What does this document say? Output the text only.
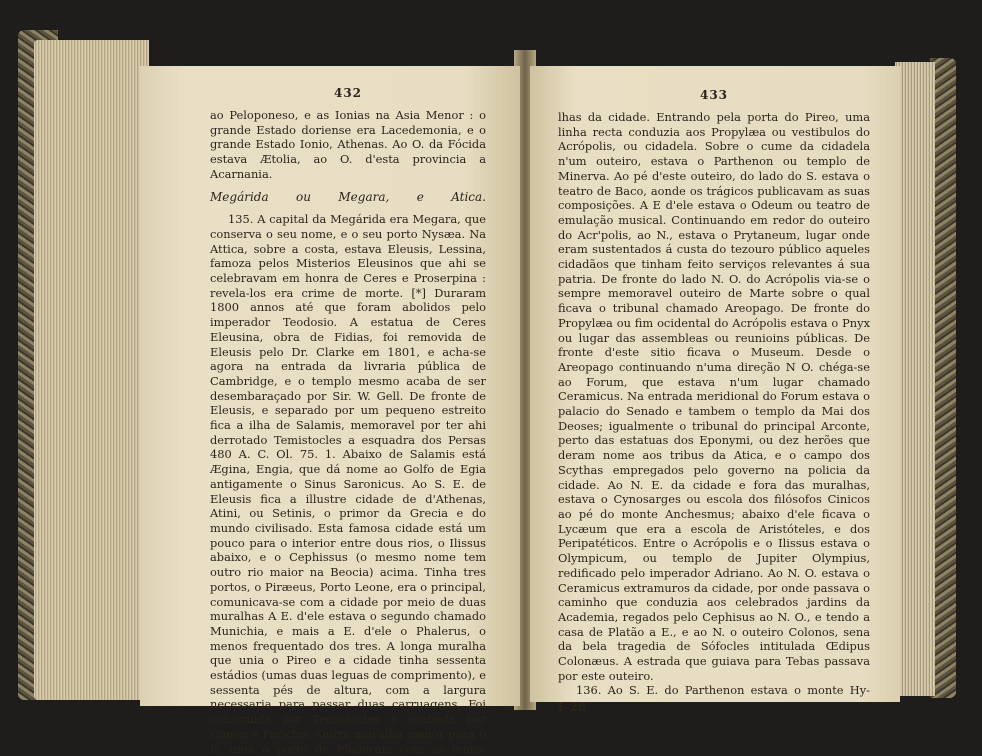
432

ao Peloponeso, e as Ionias na Asia Menor : o grande Estado doriense era Lacedemonia, e o grande Estado Ionio, Athenas. Ao O. da Fócida estava Ætolia, ao O. d'esta provincia a Acarnania.

Megárida ou Megara, e Atica.

135. A capital da Megárida era Megara, que conserva o seu nome, e o seu porto Nysæa. Na Attica, sobre a costa, estava Eleusis, Lessina, famoza pelos Misterios Eleusinos que ahi se celebravam em honra de Ceres e Proserpina : revela-los era crime de morte. [*] Duraram 1800 annos até que foram abolidos pelo imperador Teodosio. A estatua de Ceres Eleusina, obra de Fidias, foi removida de Eleusis pelo Dr. Clarke em 1801, e acha-se agora na entrada da livraria pública de Cambridge, e o templo mesmo acaba de ser desembaraçado por Sir. W. Gell. De fronte de Eleusis, e separado por um pequeno estreito fica a ilha de Salamis, memoravel por ter ahi derrotado Temistocles a esquadra dos Persas 480 A. C. Ol. 75. 1. Abaixo de Salamis está Ægina, Engia, que dá nome ao Golfo de Egia antigamente o Sinus Saronicus. Ao S. E. de Eleusis fica a illustre cidade de d'Athenas, Atini, ou Setinis, o primor da Grecia e do mundo civilisado. Esta famosa cidade está um pouco para o interior entre dous rios, o Ilissus abaixo, e o Cephissus (o mesmo nome tem outro rio maior na Beocia) acima. Tinha tres portos, o Piræeus, Porto Leone, era o principal, comunicava-se com a cidade por meio de duas muralhas A E. d'ele estava o segundo chamado Munichia, e mais a E. d'ele o Phalerus, o menos frequentado dos tres. A longa muralha que unia o Pireo e a cidade tinha sessenta estádios (umas duas leguas de comprimento), e sessenta pés de altura, com a largura necessaria para passar duas carruagens. Foi construida por Temistocles e acabada por Cimon e Pericles. Outra muralha menor para o E. unia o porto de Phalerum com as mura-

433

lhas da cidade. Entrando pela porta do Pireo, uma linha recta conduzia aos Propylæa ou vestibulos do Acrópolis, ou cidadela. Sobre o cume da cidadela n'um outeiro, estava o Parthenon ou templo de Minerva. Ao pé d'este outeiro, do lado do S. estava o teatro de Baco, aonde os trágicos publicavam as suas composições. A E d'ele estava o Odeum ou teatro de emulação musical. Continuando em redor do outeiro do Acr'polis, ao N., estava o Prytaneum, lugar onde eram sustentados á custa do tezouro público aqueles cidadãos que tinham feito serviços relevantes á sua patria. De fronte do lado N. O. do Acrópolis via-se o sempre memoravel outeiro de Marte sobre o qual ficava o tribunal chamado Areopago. De fronte do Propylæa ou fim ocidental do Acrópolis estava o Pnyx ou lugar das assembleas ou reunioins públicas. De fronte d'este sitio ficava o Museum. Desde o Areopago continuando n'uma direção N O. chéga-se ao Forum, que estava n'um lugar chamado Ceramicus. Na entrada meridional do Forum estava o palacio do Senado e tambem o templo da Mai dos Deoses; igualmente o tribunal do principal Arconte, perto das estatuas dos Eponymi, ou dez herões que deram nome aos tribus da Atica, e o campo dos Scythas empregados pelo governo na policia da cidade. Ao N. E. da cidade e fora das muralhas, estava o Cynosarges ou escola dos filósofos Cinicos ao pé do monte Anchesmus; abaixo d'ele ficava o Lycæum que era a escola de Aristóteles, e dos Peripatéticos. Entre o Acrópolis e o Ilissus estava o Olympicum, ou templo de Jupiter Olympius, redificado pelo imperador Adriano. Ao N. O. estava o Ceramicus extramuros da cidade, por onde passava o caminho que conduzia aos celebrados jardins da Academia, regados pelo Cephisus ao N. O., e tendo a casa de Platão a E., e ao N. o outeiro Colonos, sena da bela tragedia de Sófocles intitulada Œdipus Colonæus. A estrada que guiava para Tebas passava por este outeiro.

136. Ao S. E. do Parthenon estava o monte Hy-

I–28
